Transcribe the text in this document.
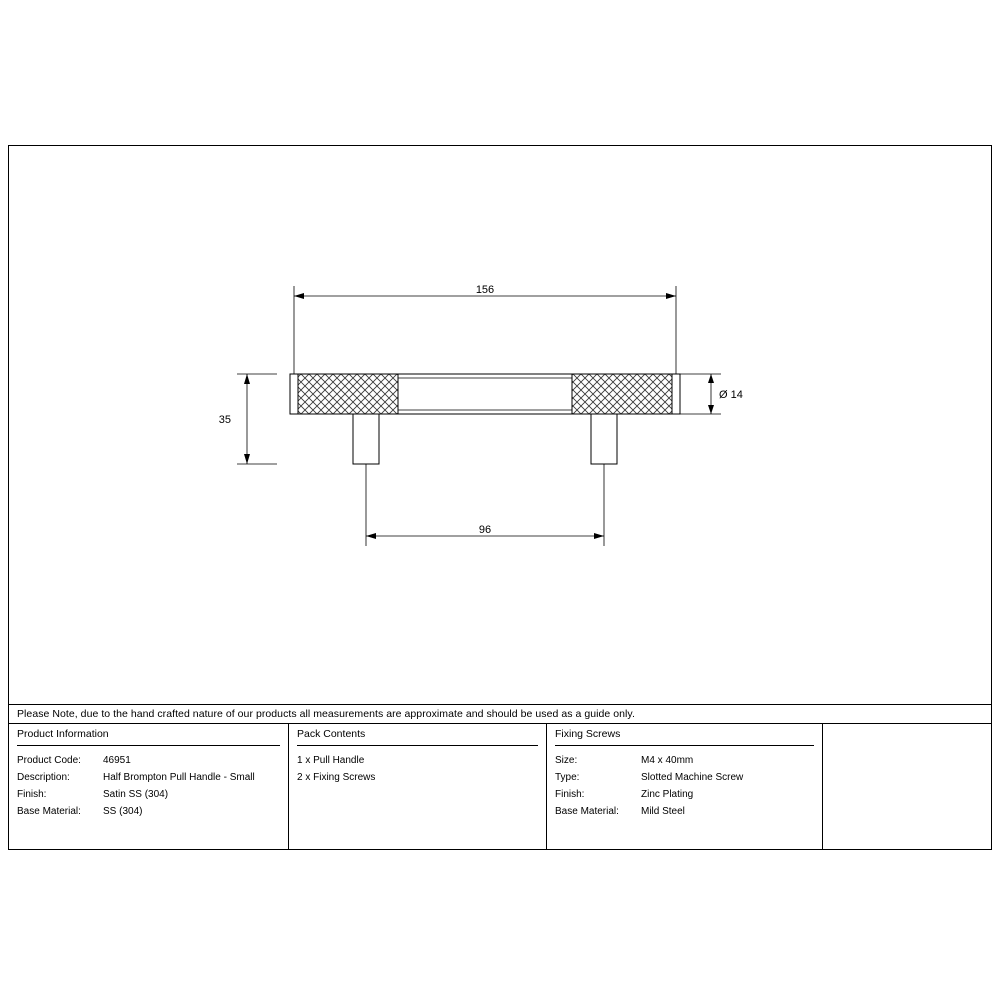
156
35
Ø 14
96
Please Note, due to the hand crafted nature of our products all measurements are approximate and should be used as a guide only.
Product Information
Product Code:	46951
Description:	Half Brompton Pull Handle - Small
Finish:	Satin SS (304)
Base Material:	SS (304)
Pack Contents
1 x Pull Handle
2 x Fixing Screws
Fixing Screws
Size:	M4 x 40mm
Type:	Slotted Machine Screw
Finish:	Zinc Plating
Base Material:	Mild Steel
